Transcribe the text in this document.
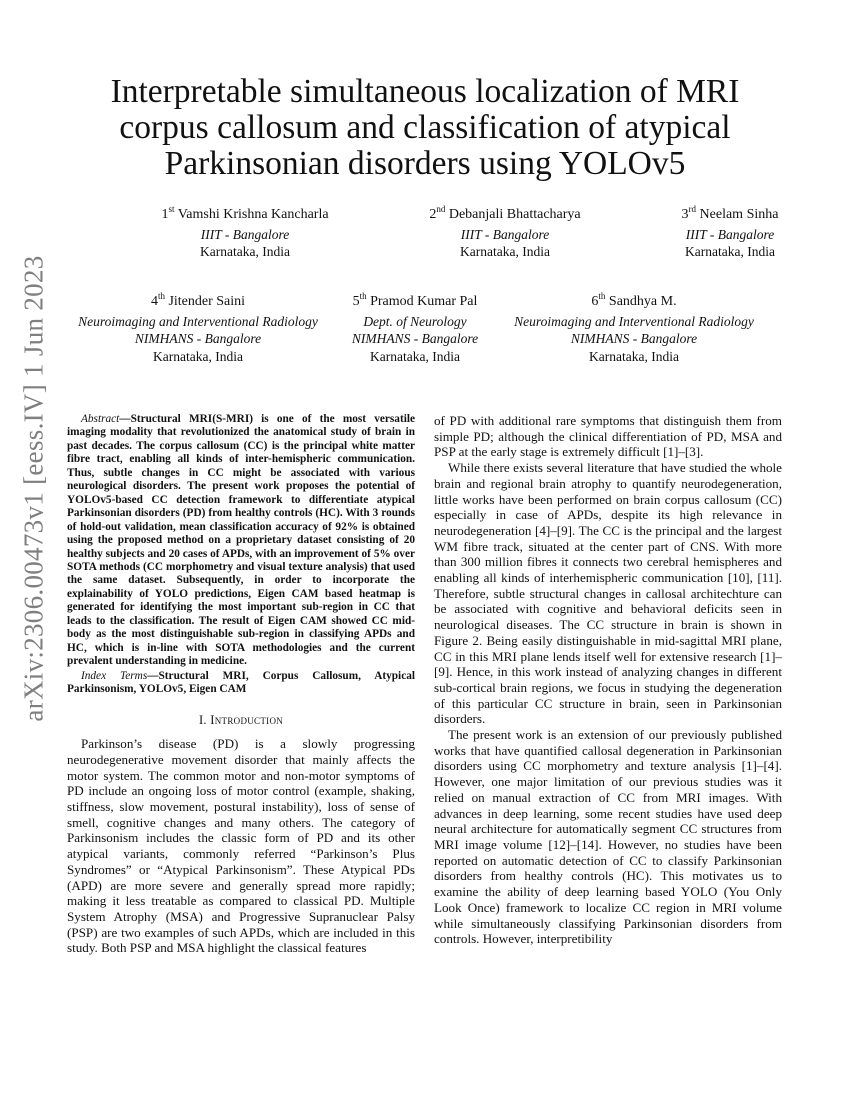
arXiv:2306.00473v1 [eess.IV] 1 Jun 2023
Interpretable simultaneous localization of MRI
corpus callosum and classification of atypical
Parkinsonian disorders using YOLOv5
1st Vamshi Krishna Kancharla
IIIT - Bangalore
Karnataka, India
2nd Debanjali Bhattacharya
IIIT - Bangalore
Karnataka, India
3rd Neelam Sinha
IIIT - Bangalore
Karnataka, India
4th Jitender Saini
Neuroimaging and Interventional Radiology
NIMHANS - Bangalore
Karnataka, India
5th Pramod Kumar Pal
Dept. of Neurology
NIMHANS - Bangalore
Karnataka, India
6th Sandhya M.
Neuroimaging and Interventional Radiology
NIMHANS - Bangalore
Karnataka, India

Abstract—Structural MRI(S-MRI) is one of the most versatile imaging modality that revolutionized the anatomical study of brain in past decades. The corpus callosum (CC) is the principal white matter fibre tract, enabling all kinds of inter-hemispheric communication. Thus, subtle changes in CC might be associated with various neurological disorders. The present work proposes the potential of YOLOv5-based CC detection framework to differentiate atypical Parkinsonian disorders (PD) from healthy controls (HC). With 3 rounds of hold-out validation, mean classification accuracy of 92% is obtained using the proposed method on a proprietary dataset consisting of 20 healthy subjects and 20 cases of APDs, with an improvement of 5% over SOTA methods (CC morphometry and visual texture analysis) that used the same dataset. Subsequently, in order to incorporate the explainability of YOLO predictions, Eigen CAM based heatmap is generated for identifying the most important sub-region in CC that leads to the classification. The result of Eigen CAM showed CC mid-body as the most distinguishable sub-region in classifying APDs and HC, which is in-line with SOTA methodologies and the current prevalent understanding in medicine.

Index Terms—Structural MRI, Corpus Callosum, Atypical Parkinsonism, YOLOv5, Eigen CAM

I. Introduction

Parkinson’s disease (PD) is a slowly progressing neurodegenerative movement disorder that mainly affects the motor system. The common motor and non-motor symptoms of PD include an ongoing loss of motor control (example, shaking, stiffness, slow movement, postural instability), loss of sense of smell, cognitive changes and many others. The category of Parkinsonism includes the classic form of PD and its other atypical variants, commonly referred “Parkinson’s Plus Syndromes” or “Atypical Parkinsonism”. These Atypical PDs (APD) are more severe and generally spread more rapidly; making it less treatable as compared to classical PD. Multiple System Atrophy (MSA) and Progressive Supranuclear Palsy (PSP) are two examples of such APDs, which are included in this study. Both PSP and MSA highlight the classical features

of PD with additional rare symptoms that distinguish them from simple PD; although the clinical differentiation of PD, MSA and PSP at the early stage is extremely difficult [1]–[3].

While there exists several literature that have studied the whole brain and regional brain atrophy to quantify neurodegeneration, little works have been performed on brain corpus callosum (CC) especially in case of APDs, despite its high relevance in neurodegeneration [4]–[9]. The CC is the principal and the largest WM fibre track, situated at the center part of CNS. With more than 300 million fibres it connects two cerebral hemispheres and enabling all kinds of interhemispheric communication [10], [11]. Therefore, subtle structural changes in callosal architechture can be associated with cognitive and behavioral deficits seen in neurological diseases. The CC structure in brain is shown in Figure 2. Being easily distinguishable in mid-sagittal MRI plane, CC in this MRI plane lends itself well for extensive research [1]–[9]. Hence, in this work instead of analyzing changes in different sub-cortical brain regions, we focus in studying the degeneration of this particular CC structure in brain, seen in Parkinsonian disorders.

The present work is an extension of our previously published works that have quantified callosal degeneration in Parkinsonian disorders using CC morphometry and texture analysis [1]–[4]. However, one major limitation of our previous studies was it relied on manual extraction of CC from MRI images. With advances in deep learning, some recent studies have used deep neural architecture for automatically segment CC structures from MRI image volume [12]–[14]. However, no studies have been reported on automatic detection of CC to classify Parkinsonian disorders from healthy controls (HC). This motivates us to examine the ability of deep learning based YOLO (You Only Look Once) framework to localize CC region in MRI volume while simultaneously classifying Parkinsonian disorders from controls. However, interpretibility
